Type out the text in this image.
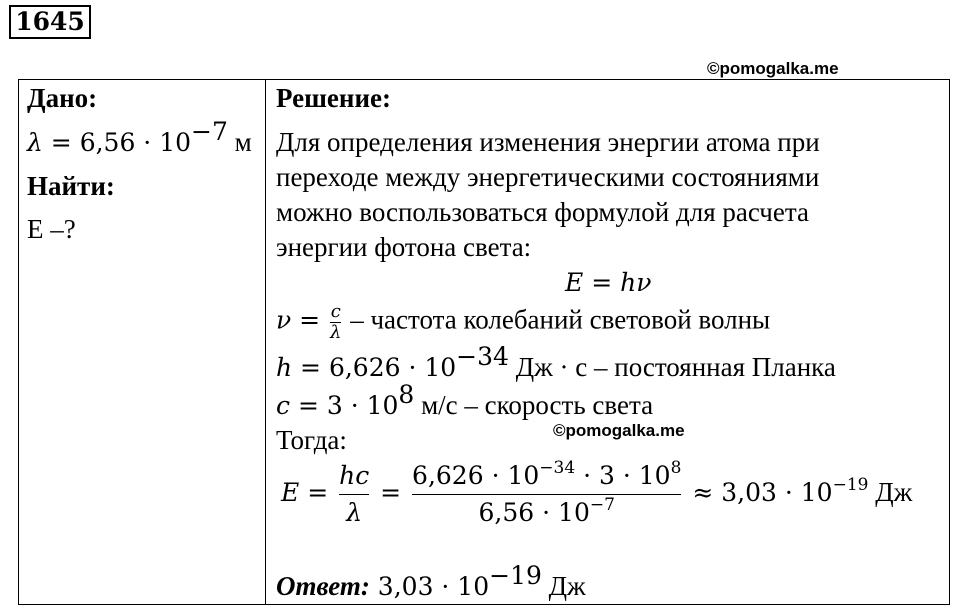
1645
©pomogalka.me
Дано:
$\lambda = 6,56 \cdot 10^{-7}$ м
Найти:
E –?
Решение:
Для определения изменения энергии атома при
переходе между энергетическими состояниями
можно воспользоваться формулой для расчета
энергии фотона света:
E = hν
$\nu = \frac{c}{\lambda}$ – частота колебаний световой волны
$h = 6,626 \cdot 10^{-34}$ Дж · с – постоянная Планка
$c = 3 \cdot 10^8$ м/с – скорость света
Тогда:
$E = \frac{hc}{\lambda} = \frac{6,626 \cdot 10^{-34} \cdot 3 \cdot 10^8}{6,56 \cdot 10^{-7}} \approx 3,03 \cdot 10^{-19}$ Дж
Ответ: $3,03 \cdot 10^{-19}$ Дж
©pomogalka.me
